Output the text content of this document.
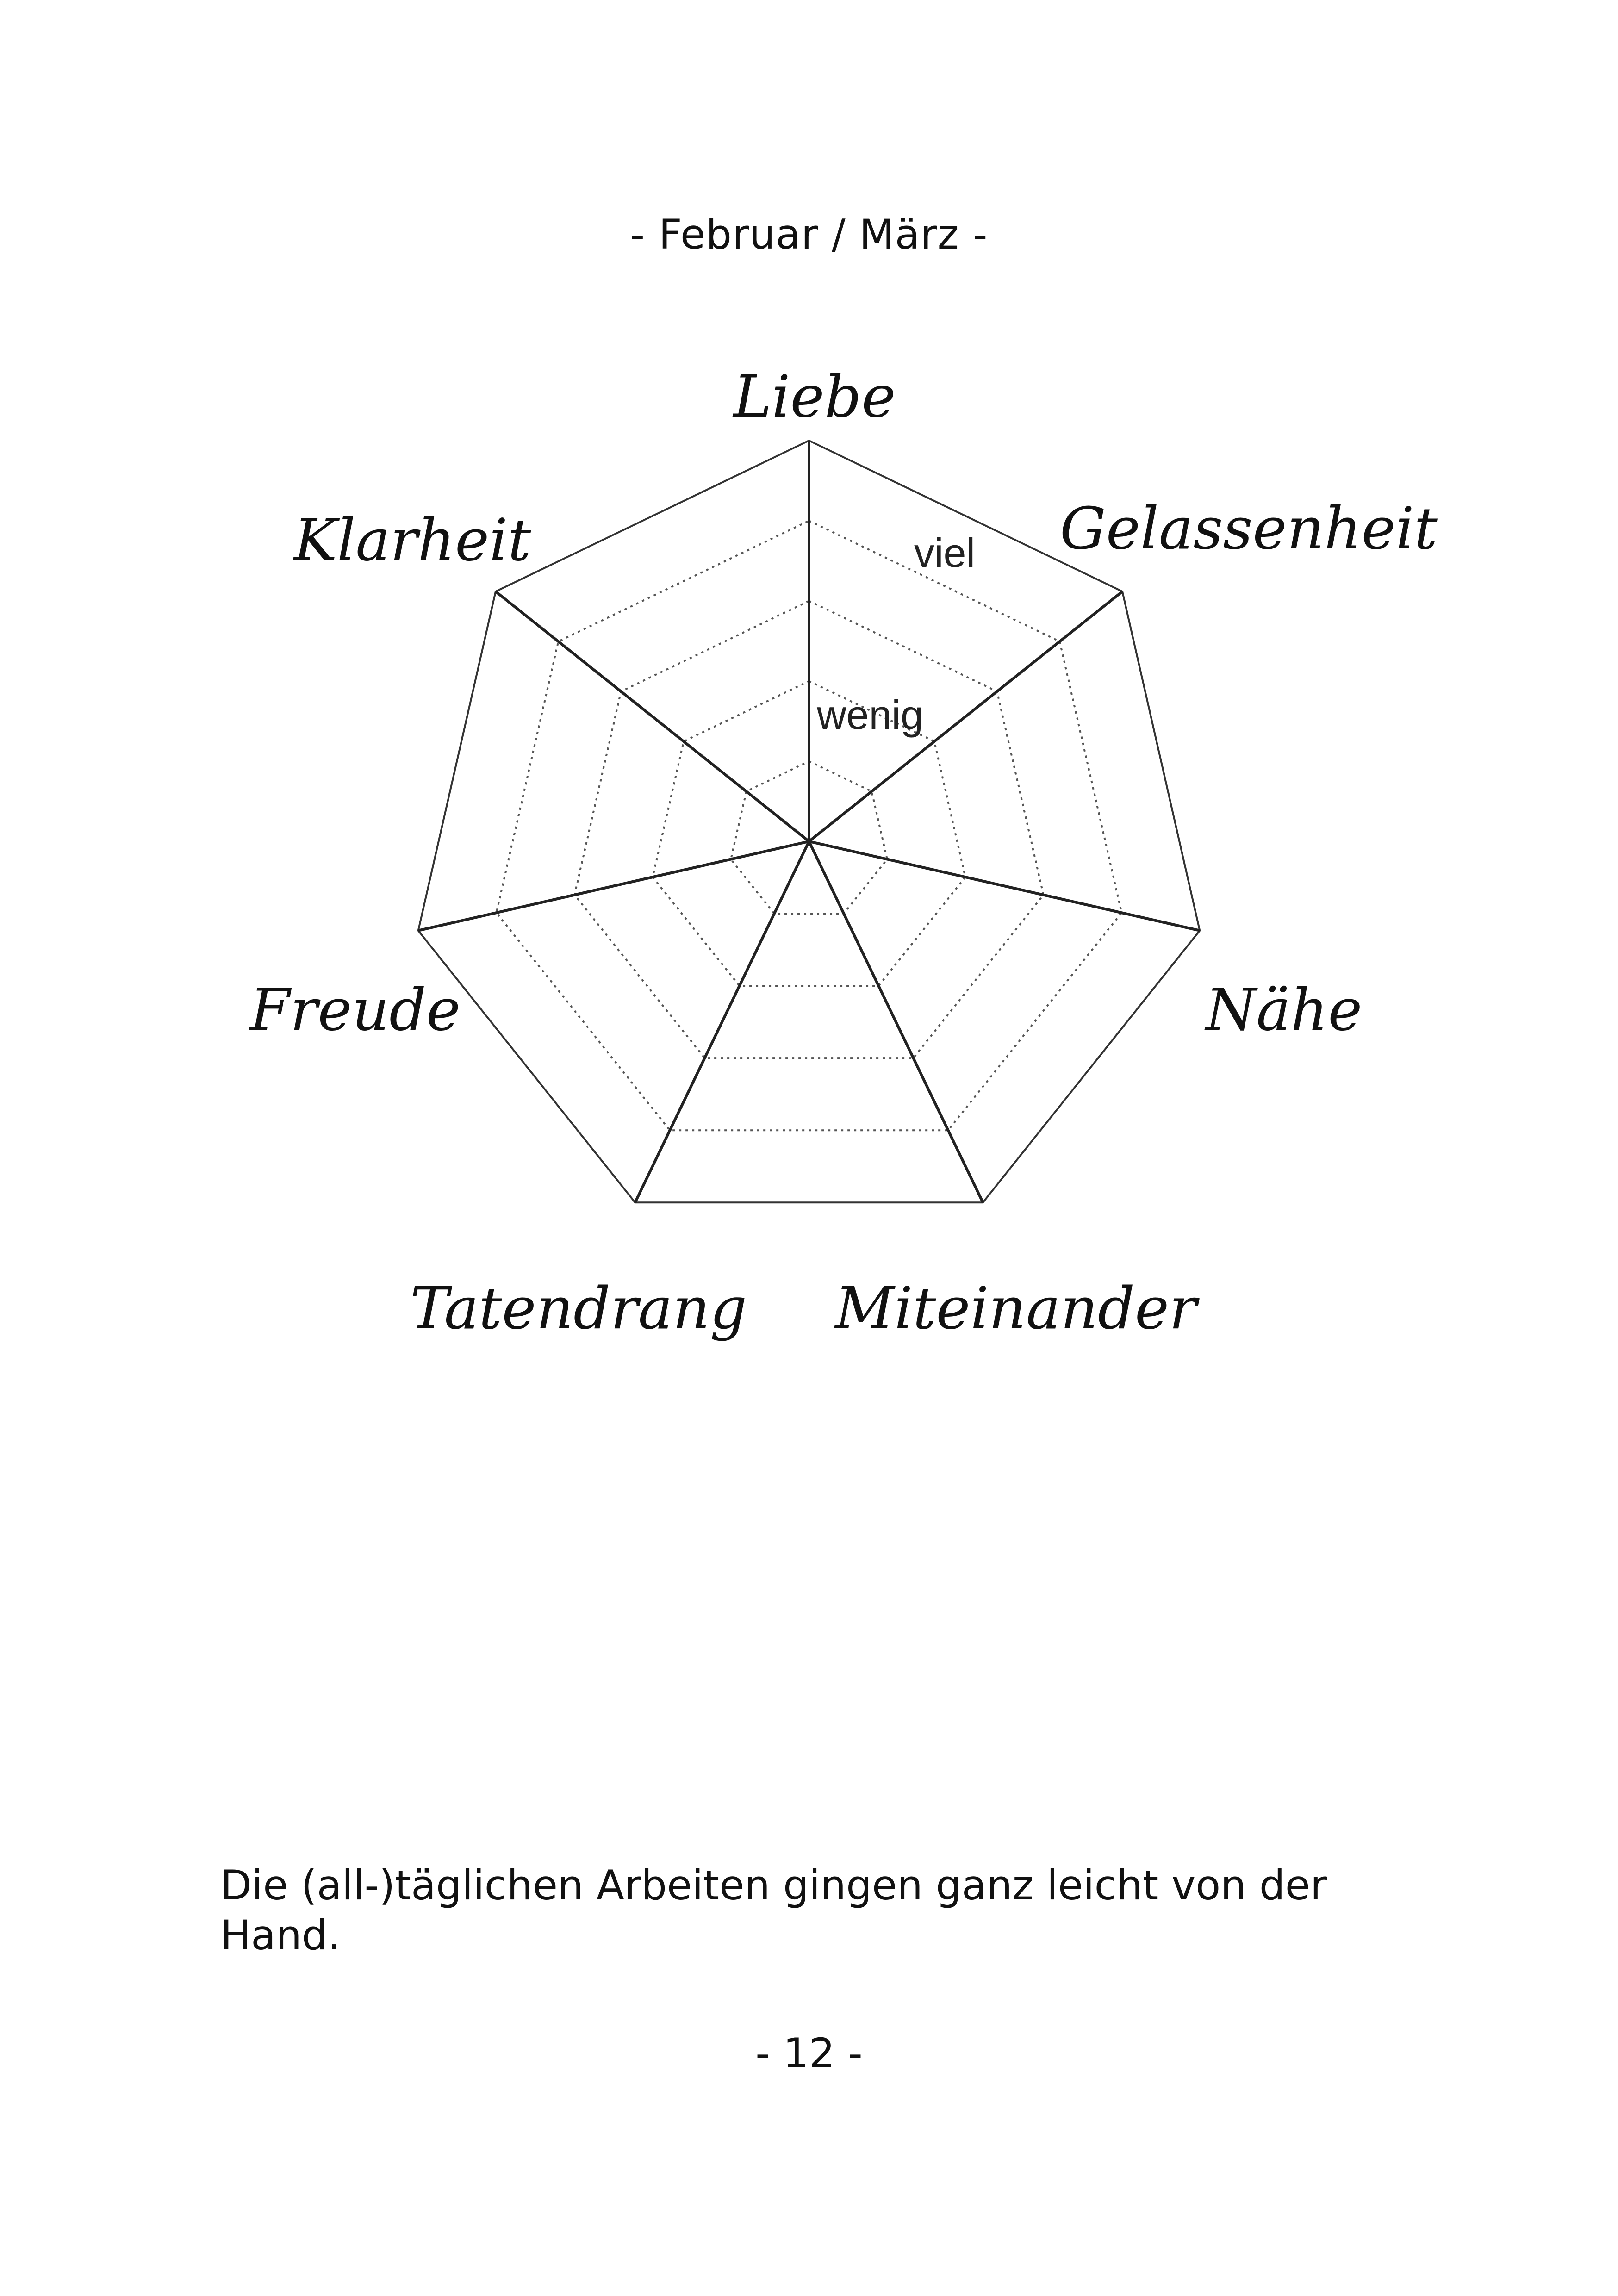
- Februar / März -
Liebe
Gelassenheit
Nähe
Miteinander
Tatendrang
Freude
Klarheit	viel
wenig
Die (all-)täglichen Arbeiten gingen ganz leicht von der Hand.
- 12 -
